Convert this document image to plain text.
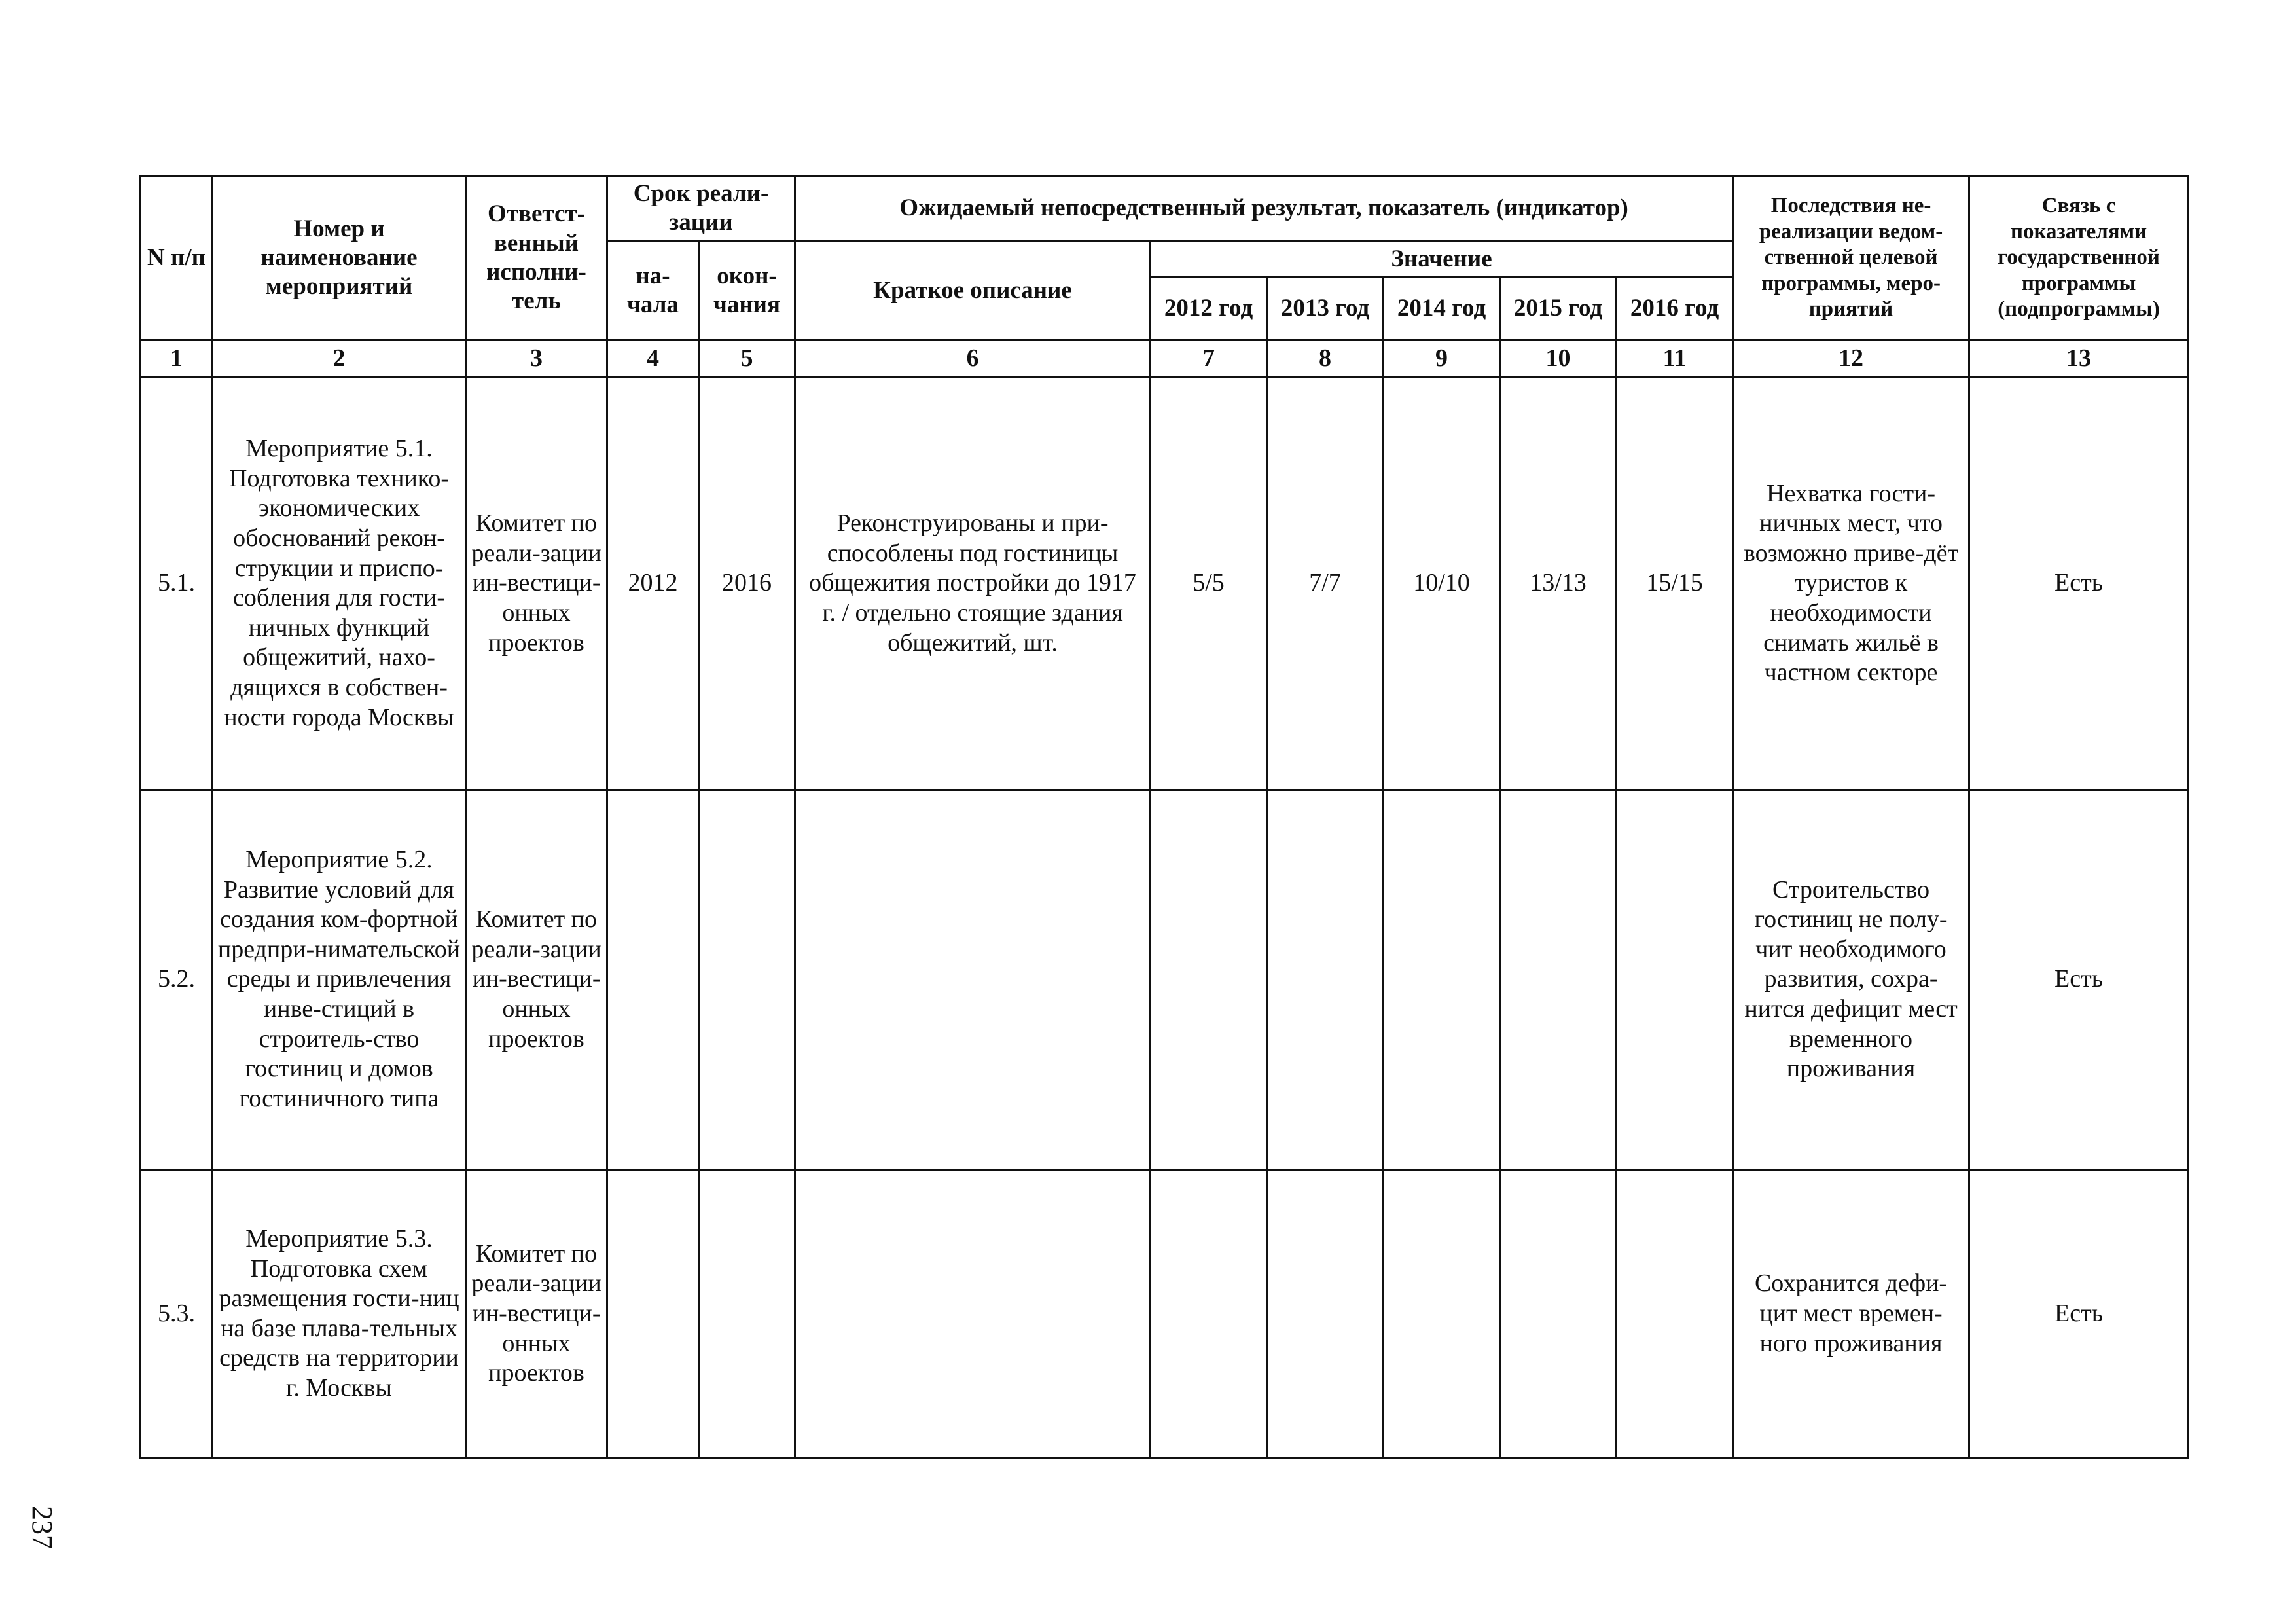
N п/п	Номер и наименование мероприятий	Ответст-венный исполни-тель	Срок реали-зации		Ожидаемый непосредственный результат, показатель (индикатор)						Последствия не-реализации ведом-ственной целевой программы, меро-приятий	Связь с показателями государственной программы (подпрограммы)
			на-чала	окон-чания	Краткое описание	Значение						
						2012 год	2013 год	2014 год	2015 год	2016 год		
1	2	3	4	5	6	7	8	9	10	11	12	13
5.1.	Мероприятие 5.1. Подготовка технико-экономических обоснований рекон-струкции и приспо-собления для гости-ничных функций общежитий, нахо-дящихся в собствен-ности города Москвы	Комитет по реали-зации ин-вестици-онных проектов	2012	2016	Реконструированы и при-способлены под гостиницы общежития постройки до 1917 г. / отдельно стоящие здания общежитий, шт.	5/5	7/7	10/10	13/13	15/15	Нехватка гости-ничных мест, что возможно приве-дёт туристов к необходимости снимать жильё в частном секторе	Есть
5.2.	Мероприятие 5.2. Развитие условий для создания ком-фортной предпри-нимательской среды и привлечения инве-стиций в строитель-ство гостиниц и домов гостиничного типа	Комитет по реали-зации ин-вестици-онных проектов									Строительство гостиниц не полу-чит необходимого развития, сохра-нится дефицит мест временного проживания	Есть
5.3.	Мероприятие 5.3. Подготовка схем размещения гости-ниц на базе плава-тельных средств на территории г. Москвы	Комитет по реали-зации ин-вестици-онных проектов									Сохранится дефи-цит мест времен-ного проживания	Есть
237
